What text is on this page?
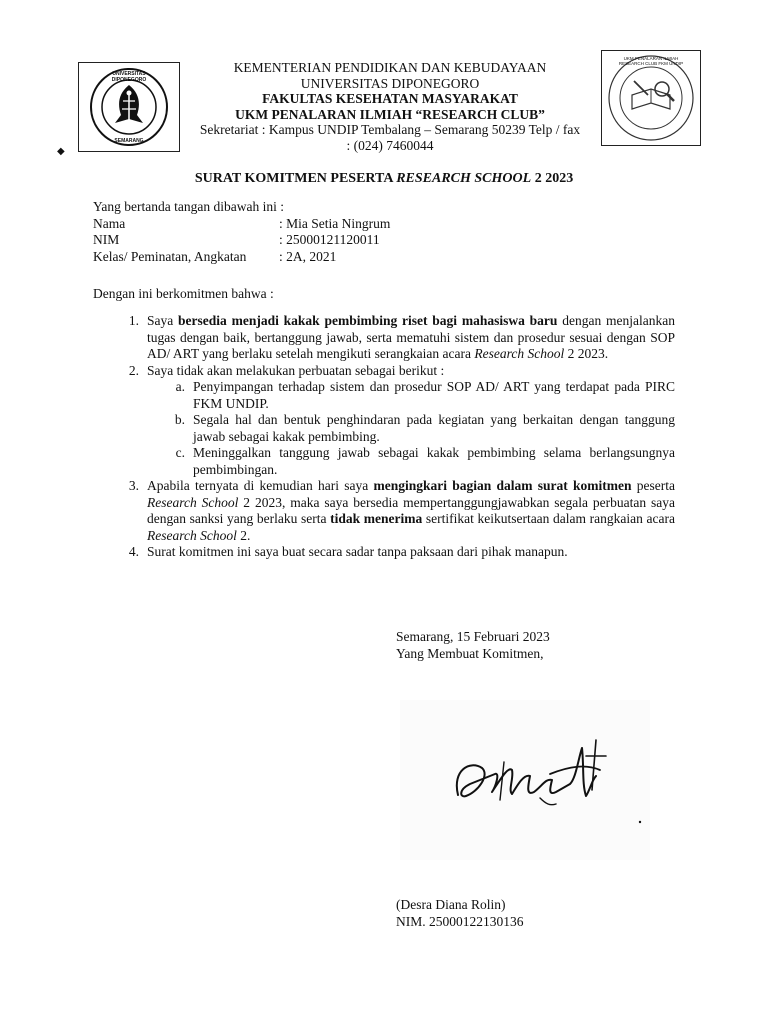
◆
UNIVERSITAS DIPONEGORO
SEMARANG
UKM PENALARAN ILMIAH RESEARCH CLUB FKM UNDIP
KEMENTERIAN PENDIDIKAN DAN KEBUDAYAAN
UNIVERSITAS DIPONEGORO
FAKULTAS KESEHATAN MASYARAKAT
UKM PENALARAN ILMIAH “RESEARCH CLUB”
Sekretariat : Kampus UNDIP Tembalang – Semarang 50239 Telp / fax
: (024) 7460044
SURAT KOMITMEN PESERTA RESEARCH SCHOOL 2 2023
Yang bertanda tangan dibawah ini :
Nama	: Mia Setia Ningrum
NIM	: 25000121120011
Kelas/ Peminatan, Angkatan	: 2A, 2021
Dengan ini berkomitmen bahwa :
1. Saya bersedia menjadi kakak pembimbing riset bagi mahasiswa baru dengan menjalankan tugas dengan baik, bertanggung jawab, serta mematuhi sistem dan prosedur sesuai dengan SOP AD/ ART yang berlaku setelah mengikuti serangkaian acara Research School 2 2023.
2. Saya tidak akan melakukan perbuatan sebagai berikut :
a. Penyimpangan terhadap sistem dan prosedur SOP AD/ ART yang terdapat pada PIRC FKM UNDIP.
b. Segala hal dan bentuk penghindaran pada kegiatan yang berkaitan dengan tanggung jawab sebagai kakak pembimbing.
c. Meninggalkan tanggung jawab sebagai kakak pembimbing selama berlangsungnya pembimbingan.
3. Apabila ternyata di kemudian hari saya mengingkari bagian dalam surat komitmen peserta Research School 2 2023, maka saya bersedia mempertanggungjawabkan segala perbuatan saya dengan sanksi yang berlaku serta tidak menerima sertifikat keikutsertaan dalam rangkaian acara Research School 2.
4. Surat komitmen ini saya buat secara sadar tanpa paksaan dari pihak manapun.
Semarang, 15 Februari 2023
Yang Membuat Komitmen,
(Desra Diana Rolin)
NIM. 25000122130136
